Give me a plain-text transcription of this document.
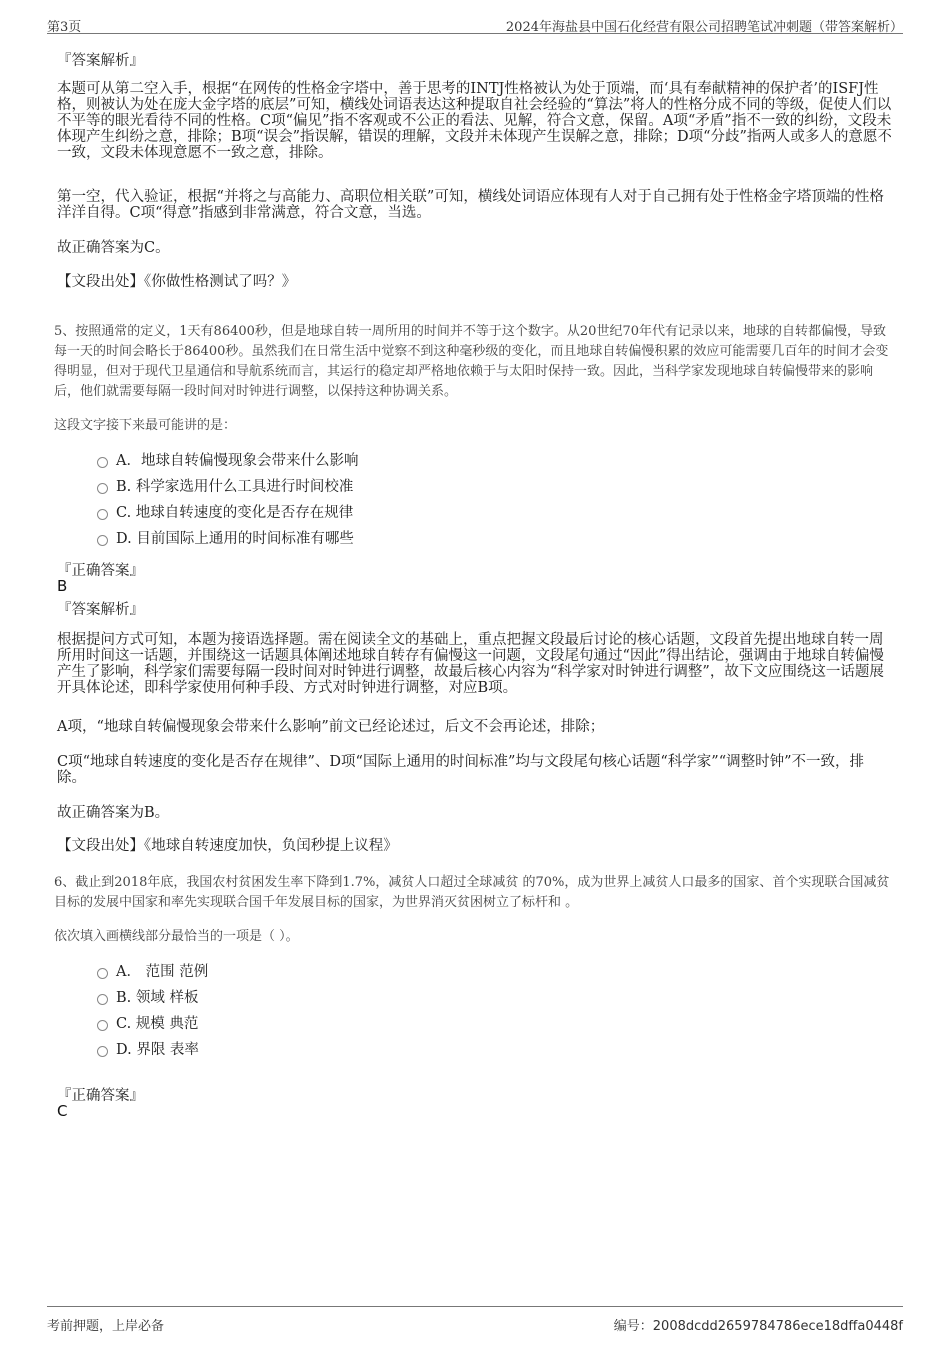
第3页	2024年海盐县中国石化经营有限公司招聘笔试冲刺题（带答案解析）
『答案解析』
本题可从第二空入手，根据“在网传的性格金字塔中，善于思考的INTJ性格被认为处于顶端，而‘具有奉献精神的保护者’的ISFJ性格，则被认为处在庞大金字塔的底层”可知，横线处词语表达这种提取自社会经验的“算法”将人的性格分成不同的等级，促使人们以不平等的眼光看待不同的性格。C项“偏见”指不客观或不公正的看法、见解，符合文意，保留。A项“矛盾”指不一致的纠纷，文段未体现产生纠纷之意，排除；B项“误会”指误解，错误的理解，文段并未体现产生误解之意，排除；D项“分歧”指两人或多人的意愿不一致，文段未体现意愿不一致之意，排除。
第一空，代入验证，根据“并将之与高能力、高职位相关联”可知，横线处词语应体现有人对于自己拥有处于性格金字塔顶端的性格洋洋自得。C项“得意”指感到非常满意，符合文意，当选。
故正确答案为C。
【文段出处】《你做性格测试了吗？》
5、按照通常的定义，1天有86400秒，但是地球自转一周所用的时间并不等于这个数字。从20世纪70年代有记录以来，地球的自转都偏慢，导致每一天的时间会略长于86400秒。虽然我们在日常生活中觉察不到这种毫秒级的变化，而且地球自转偏慢积累的效应可能需要几百年的时间才会变得明显，但对于现代卫星通信和导航系统而言，其运行的稳定却严格地依赖于与太阳时保持一致。因此，当科学家发现地球自转偏慢带来的影响后，他们就需要每隔一段时间对时钟进行调整，以保持这种协调关系。
这段文字接下来最可能讲的是：
A．地球自转偏慢现象会带来什么影响
B. 科学家选用什么工具进行时间校准
C. 地球自转速度的变化是否存在规律
D. 目前国际上通用的时间标准有哪些
『正确答案』
B
『答案解析』
根据提问方式可知，本题为接语选择题。需在阅读全文的基础上，重点把握文段最后讨论的核心话题，文段首先提出地球自转一周所用时间这一话题，并围绕这一话题具体阐述地球自转存有偏慢这一问题，文段尾句通过“因此”得出结论，强调由于地球自转偏慢产生了影响，科学家们需要每隔一段时间对时钟进行调整，故最后核心内容为“科学家对时钟进行调整”，故下文应围绕这一话题展开具体论述，即科学家使用何种手段、方式对时钟进行调整，对应B项。
A项，“地球自转偏慢现象会带来什么影响”前文已经论述过，后文不会再论述，排除；
C项“地球自转速度的变化是否存在规律”、D项“国际上通用的时间标准”均与文段尾句核心话题“科学家”“调整时钟”不一致，排除。
故正确答案为B。
【文段出处】《地球自转速度加快，负闰秒提上议程》
6、截止到2018年底，我国农村贫困发生率下降到1.7%，减贫人口超过全球减贫 的70%，成为世界上减贫人口最多的国家、首个实现联合国减贫目标的发展中国家和率先实现联合国千年发展目标的国家，为世界消灭贫困树立了标杆和 。
依次填入画横线部分最恰当的一项是（ ）。
A． 范围 范例
B. 领域 样板
C. 规模 典范
D. 界限 表率
『正确答案』
C
考前押题，上岸必备	编号：2008dcdd2659784786ece18dffa0448f
